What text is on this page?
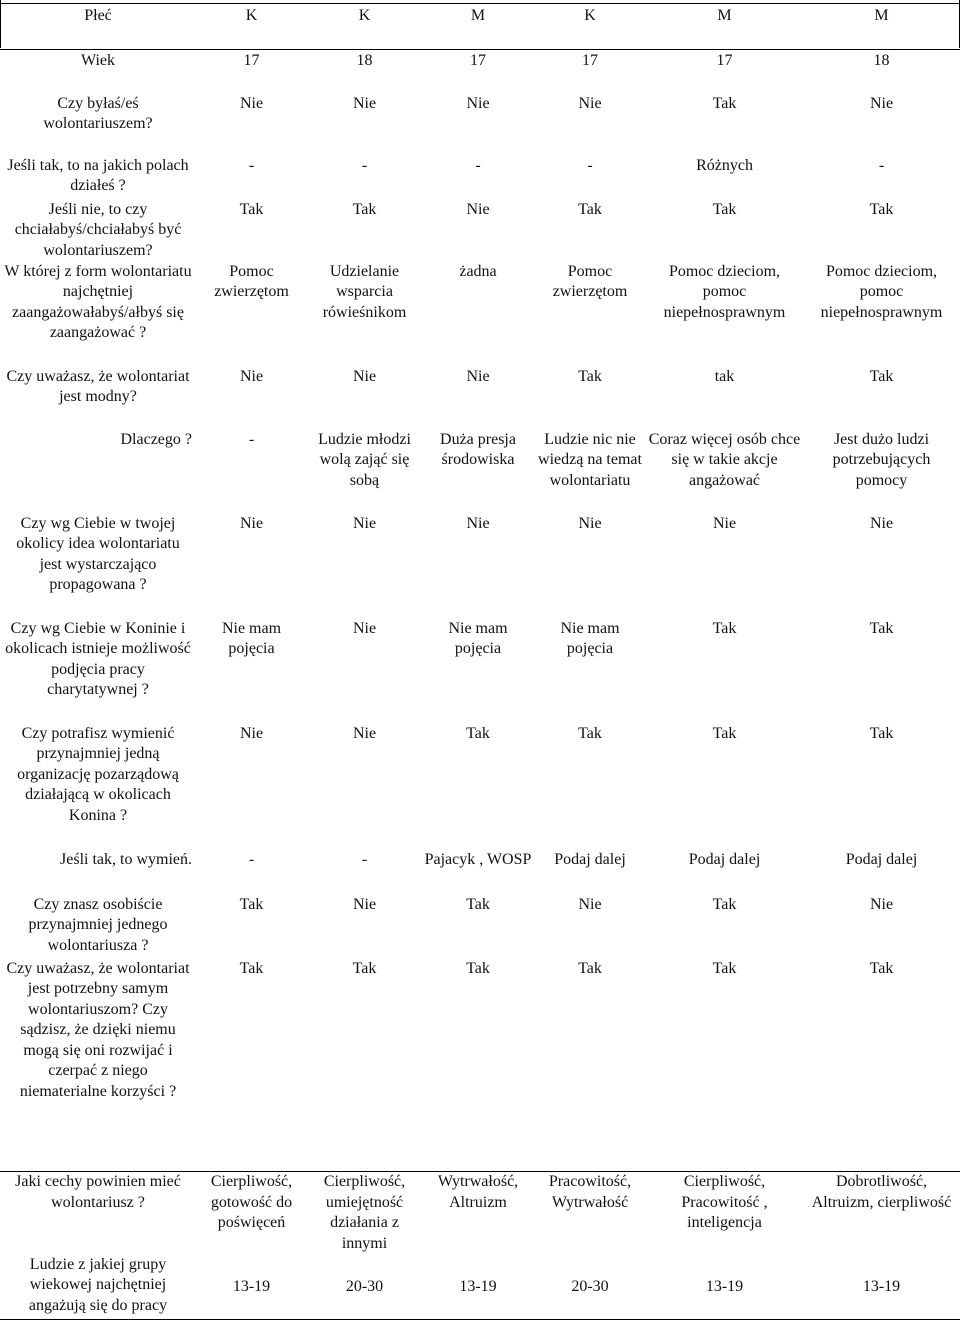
Płeć	K	K	M	K	M	M
Wiek	17	18	17	17	17	18
Czy byłaś/eś wolontariuszem?	Nie	Nie	Nie	Nie	Tak	Nie
Jeśli tak, to na jakich polach działeś ?	-	-	-	-	Różnych	-
Jeśli nie, to czy chciałabyś/chciałabyś być wolontariuszem?	Tak	Tak	Nie	Tak	Tak	Tak
W której z form wolontariatu najchętniej zaangażowałabyś/ałbyś się zaangażować ?	Pomoc zwierzętom	Udzielanie wsparcia rówieśnikom	żadna	Pomoc zwierzętom	Pomoc dzieciom, pomoc niepełnosprawnym	Pomoc dzieciom, pomoc niepełnosprawnym
Czy uważasz, że wolontariat jest modny?	Nie	Nie	Nie	Tak	tak	Tak
Dlaczego ?	-	Ludzie młodzi wolą zająć się sobą	Duża presja środowiska	Ludzie nic nie wiedzą na temat wolontariatu	Coraz więcej osób chce się w takie akcje angażować	Jest dużo ludzi potrzebujących pomocy
Czy wg Ciebie w twojej okolicy idea wolontariatu jest wystarczająco propagowana ?	Nie	Nie	Nie	Nie	Nie	Nie
Czy wg Ciebie w Koninie i okolicach istnieje możliwość podjęcia pracy charytatywnej ?	Nie mam pojęcia	Nie	Nie mam pojęcia	Nie mam pojęcia	Tak	Tak
Czy potrafisz wymienić przynajmniej jedną organizację pozarządową działającą w okolicach Konina ?	Nie	Nie	Tak	Tak	Tak	Tak
Jeśli tak, to wymień.	-	-	Pajacyk , WOSP	Podaj dalej	Podaj dalej	Podaj dalej
Czy znasz osobiście przynajmniej jednego wolontariusza ?	Tak	Nie	Tak	Nie	Tak	Nie
Czy uważasz, że wolontariat jest potrzebny samym wolontariuszom? Czy sądzisz, że dzięki niemu mogą się oni rozwijać i czerpać z niego niematerialne korzyści ?	Tak	Tak	Tak	Tak	Tak	Tak
Jaki cechy powinien mieć wolontariusz ?	Cierpliwość, gotowość do poświęceń	Cierpliwość, umiejętność działania z innymi	Wytrwałość, Altruizm	Pracowitość, Wytrwałość	Cierpliwość, Pracowitość , inteligencja	Dobrotliwość, Altruizm, cierpliwość
Ludzie z jakiej grupy wiekowej najchętniej angażują się do pracy	13-19	20-30	13-19	20-30	13-19	13-19
